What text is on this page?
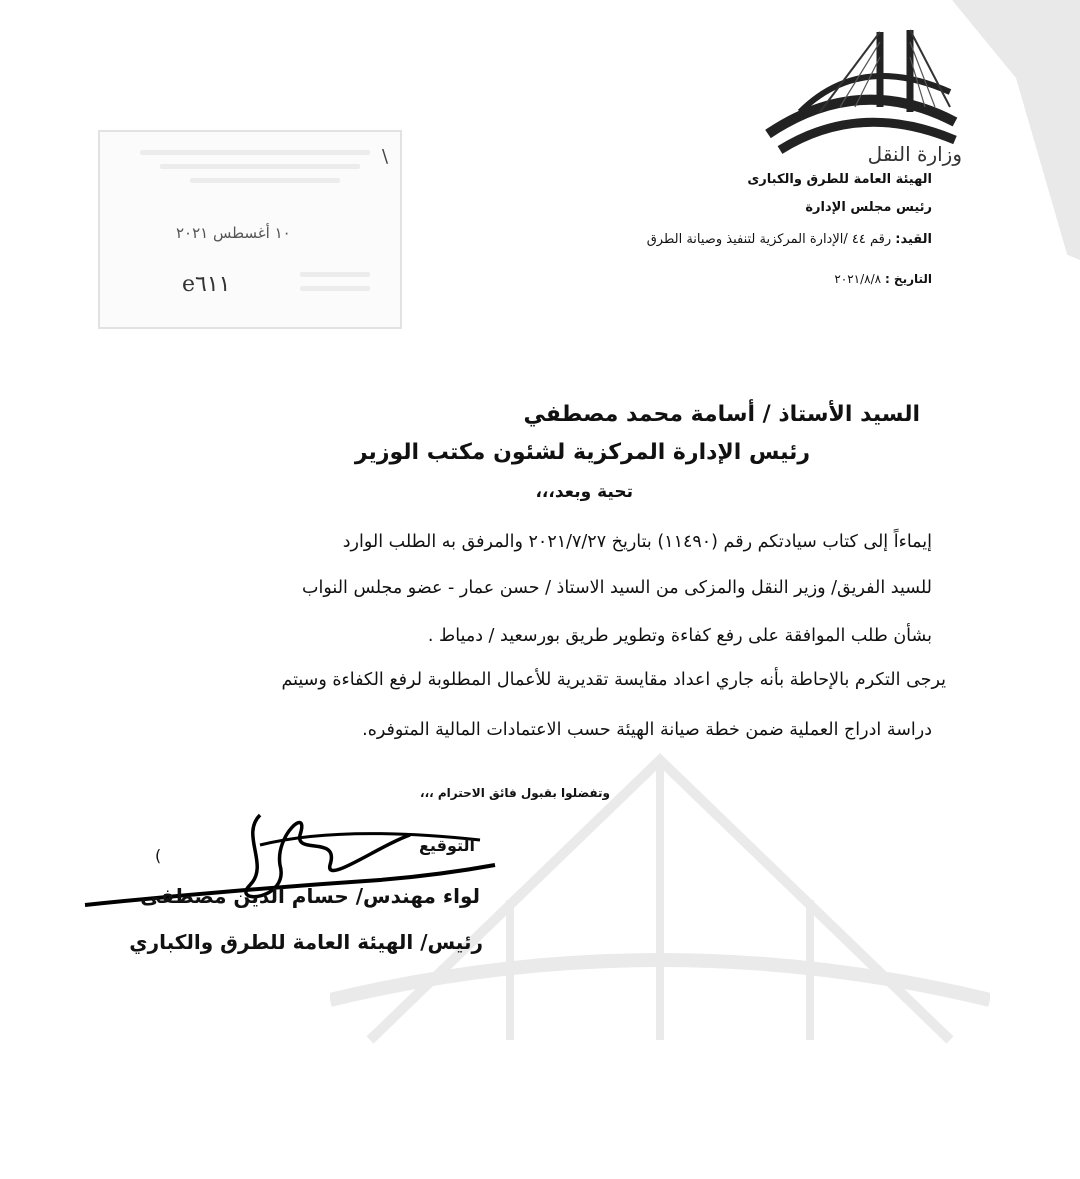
وزارة النقل
الهيئة العامة للطرق والكبارى
رئيس مجلس الإدارة
القيد: رقم ٤٤ /الإدارة المركزية لتنفيذ وصيانة الطرق
التاريخ : ٢٠٢١/٨/٨
١٠ أغسطس ٢٠٢١
e٦١١
\
السيد الأستاذ / أسامة محمد مصطفي
رئيس الإدارة المركزية لشئون مكتب الوزير
تحية وبعد،،،
إيماءاً إلى كتاب سيادتكم رقم (١١٤٩٠) بتاريخ ٢٠٢١/٧/٢٧ والمرفق به الطلب الوارد
للسيد الفريق/ وزير النقل والمزكى من السيد الاستاذ / حسن عمار - عضو مجلس النواب
بشأن طلب الموافقة على رفع كفاءة وتطوير طريق بورسعيد / دمياط .
يرجى التكرم بالإحاطة بأنه جاري اعداد مقايسة تقديرية للأعمال المطلوبة لرفع الكفاءة وسيتم
دراسة ادراج العملية ضمن خطة صيانة الهيئة حسب الاعتمادات المالية المتوفره.
وتفضلوا بقبول فائق الاحترام ،،،
التوقيع
(
لواء مهندس/ حسام الدين مصطفى
رئيس/ الهيئة العامة للطرق والكباري
